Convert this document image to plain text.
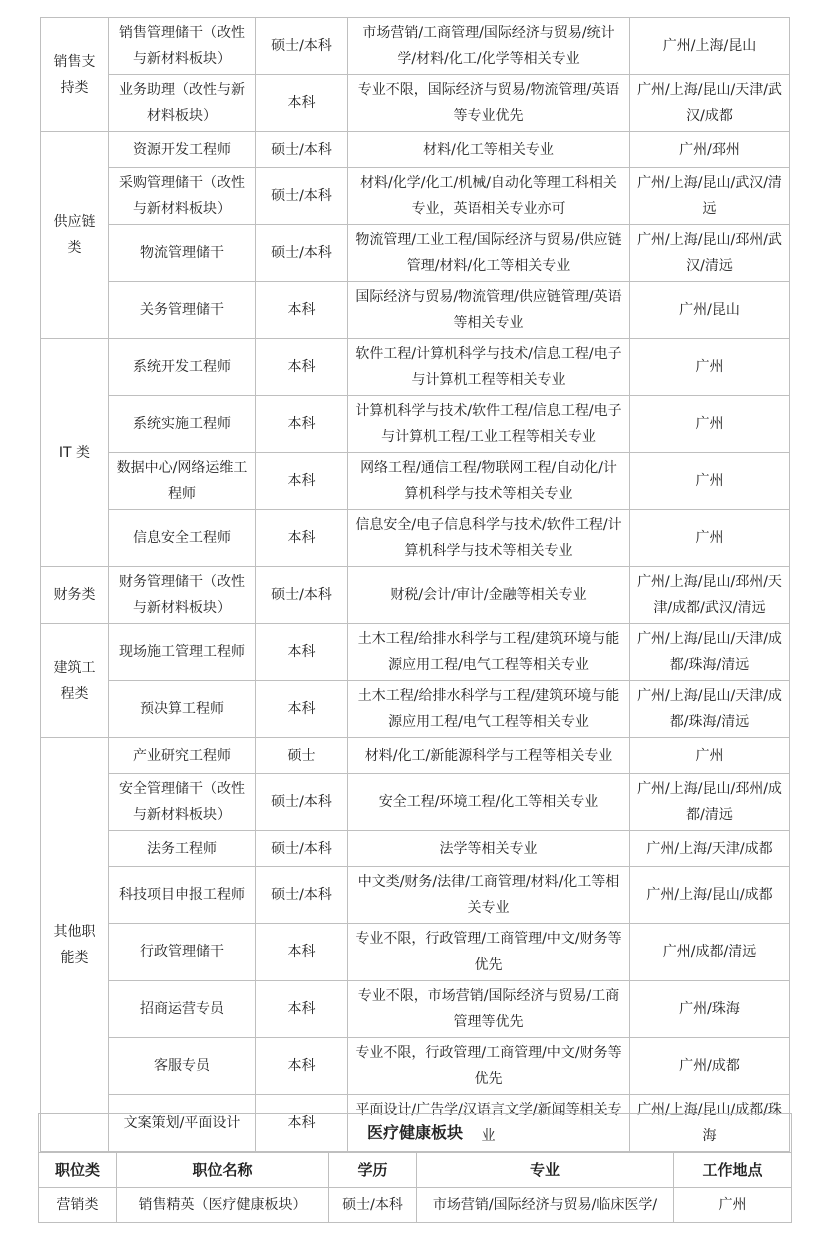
销售支持类	销售管理储干（改性与新材料板块）	硕士/本科	市场营销/工商管理/国际经济与贸易/统计学/材料/化工/化学等相关专业	广州/上海/昆山
	业务助理（改性与新材料板块）	本科	专业不限，国际经济与贸易/物流管理/英语等专业优先	广州/上海/昆山/天津/武汉/成都
供应链类	资源开发工程师	硕士/本科	材料/化工等相关专业	广州/邳州
	采购管理储干（改性与新材料板块）	硕士/本科	材料/化学/化工/机械/自动化等理工科相关专业，英语相关专业亦可	广州/上海/昆山/武汉/清远
	物流管理储干	硕士/本科	物流管理/工业工程/国际经济与贸易/供应链管理/材料/化工等相关专业	广州/上海/昆山/邳州/武汉/清远
	关务管理储干	本科	国际经济与贸易/物流管理/供应链管理/英语等相关专业	广州/昆山
IT 类	系统开发工程师	本科	软件工程/计算机科学与技术/信息工程/电子与计算机工程等相关专业	广州
	系统实施工程师	本科	计算机科学与技术/软件工程/信息工程/电子与计算机工程/工业工程等相关专业	广州
	数据中心/网络运维工程师	本科	网络工程/通信工程/物联网工程/自动化/计算机科学与技术等相关专业	广州
	信息安全工程师	本科	信息安全/电子信息科学与技术/软件工程/计算机科学与技术等相关专业	广州
财务类	财务管理储干（改性与新材料板块）	硕士/本科	财税/会计/审计/金融等相关专业	广州/上海/昆山/邳州/天津/成都/武汉/清远
建筑工程类	现场施工管理工程师	本科	土木工程/给排水科学与工程/建筑环境与能源应用工程/电气工程等相关专业	广州/上海/昆山/天津/成都/珠海/清远
	预决算工程师	本科	土木工程/给排水科学与工程/建筑环境与能源应用工程/电气工程等相关专业	广州/上海/昆山/天津/成都/珠海/清远
其他职能类	产业研究工程师	硕士	材料/化工/新能源科学与工程等相关专业	广州
	安全管理储干（改性与新材料板块）	硕士/本科	安全工程/环境工程/化工等相关专业	广州/上海/昆山/邳州/成都/清远
	法务工程师	硕士/本科	法学等相关专业	广州/上海/天津/成都
	科技项目申报工程师	硕士/本科	中文类/财务/法律/工商管理/材料/化工等相关专业	广州/上海/昆山/成都
	行政管理储干	本科	专业不限，行政管理/工商管理/中文/财务等优先	广州/成都/清远
	招商运营专员	本科	专业不限，市场营销/国际经济与贸易/工商管理等优先	广州/珠海
	客服专员	本科	专业不限，行政管理/工商管理/中文/财务等优先	广州/成都
	文案策划/平面设计	本科	平面设计/广告学/汉语言文学/新闻等相关专业	广州/上海/昆山/成都/珠海
医疗健康板块				
职位类	职位名称	学历	专业	工作地点
营销类	销售精英（医疗健康板块）	硕士/本科	市场营销/国际经济与贸易/临床医学/	广州
